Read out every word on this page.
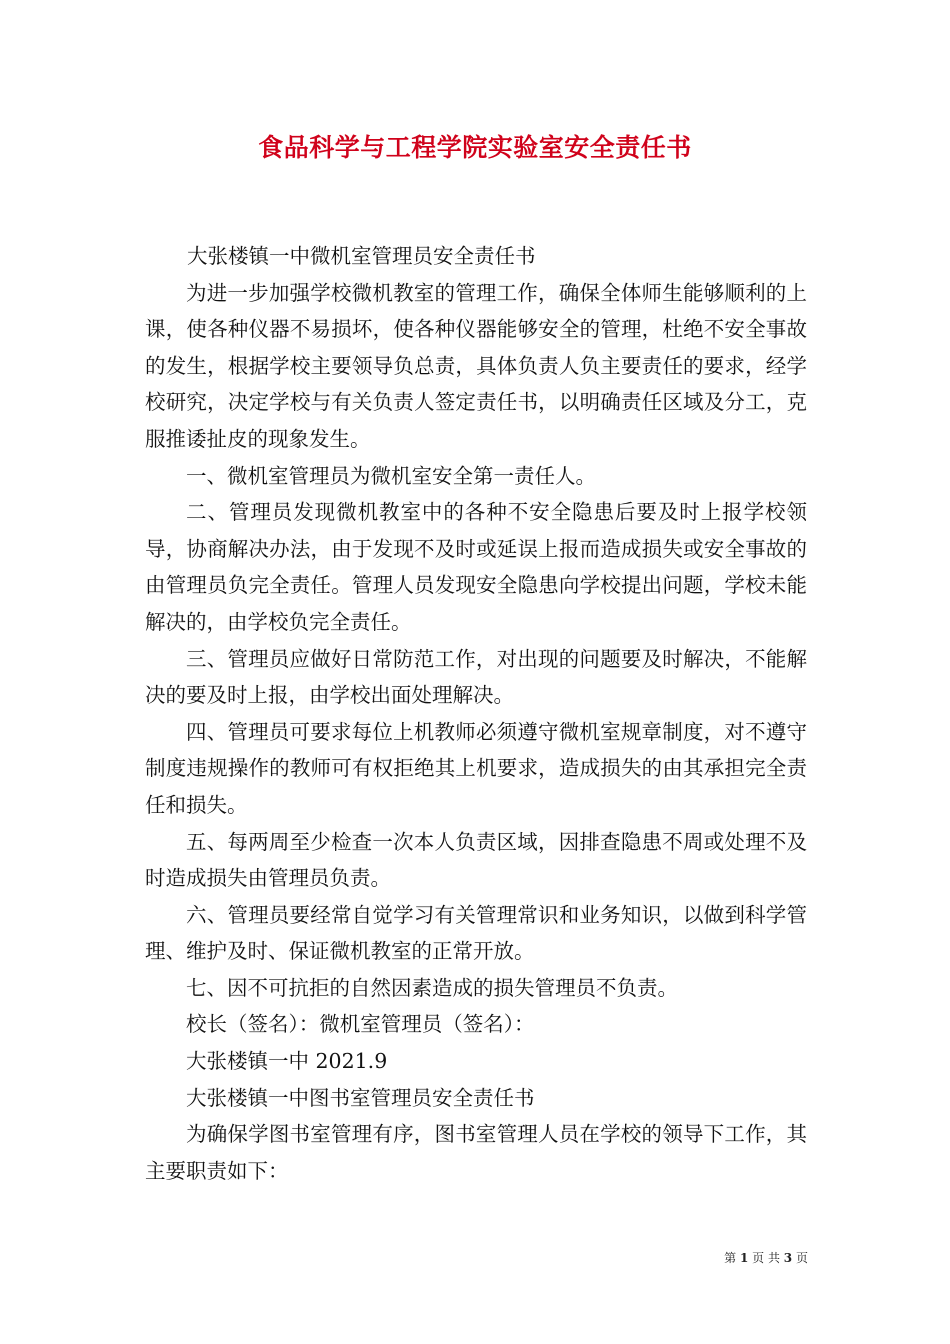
食品科学与工程学院实验室安全责任书

大张楼镇一中微机室管理员安全责任书

为进一步加强学校微机教室的管理工作，确保全体师生能够顺利的上课，使各种仪器不易损坏，使各种仪器能够安全的管理，杜绝不安全事故的发生，根据学校主要领导负总责，具体负责人负主要责任的要求，经学校研究，决定学校与有关负责人签定责任书，以明确责任区域及分工，克服推诿扯皮的现象发生。

一、微机室管理员为微机室安全第一责任人。

二、管理员发现微机教室中的各种不安全隐患后要及时上报学校领导，协商解决办法，由于发现不及时或延误上报而造成损失或安全事故的由管理员负完全责任。管理人员发现安全隐患向学校提出问题，学校未能解决的，由学校负完全责任。

三、管理员应做好日常防范工作，对出现的问题要及时解决，不能解决的要及时上报，由学校出面处理解决。

四、管理员可要求每位上机教师必须遵守微机室规章制度，对不遵守制度违规操作的教师可有权拒绝其上机要求，造成损失的由其承担完全责任和损失。

五、每两周至少检查一次本人负责区域，因排查隐患不周或处理不及时造成损失由管理员负责。

六、管理员要经常自觉学习有关管理常识和业务知识，以做到科学管理、维护及时、保证微机教室的正常开放。

七、因不可抗拒的自然因素造成的损失管理员不负责。

校长（签名）：微机室管理员（签名）：

大张楼镇一中 2021.9

大张楼镇一中图书室管理员安全责任书

为确保学图书室管理有序，图书室管理人员在学校的领导下工作，其主要职责如下：

第 1 页 共 3 页
